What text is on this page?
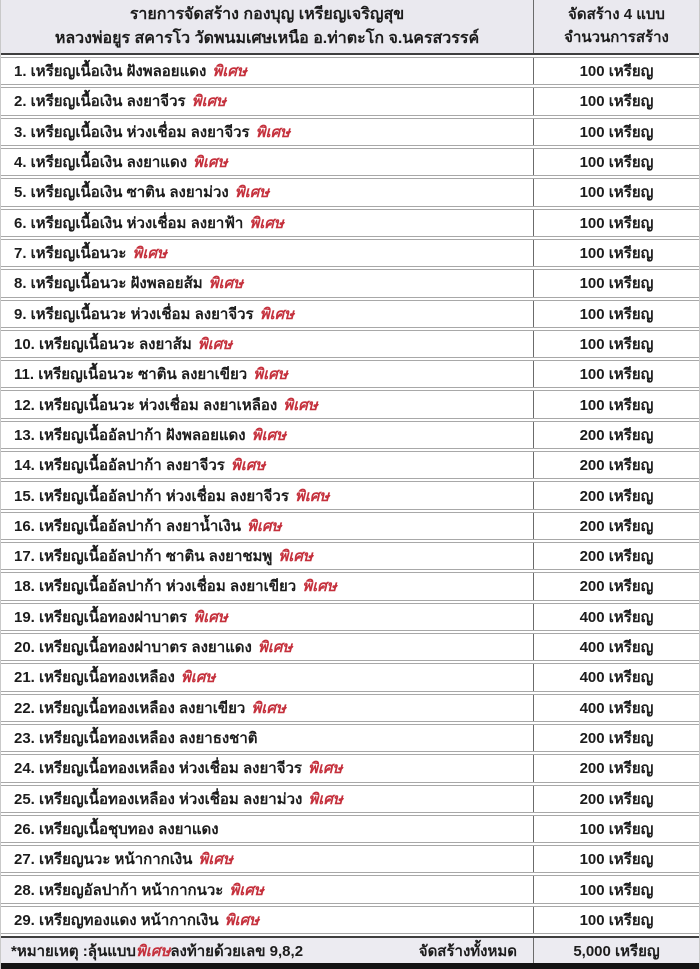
รายการจัดสร้าง กองบุญ เหรียญเจริญสุข
หลวงพ่อยูร สคารโว วัดพนมเศษเหนือ อ.ท่าตะโก จ.นครสวรรค์
จัดสร้าง 4 แบบ
จำนวนการสร้าง
1. เหรียญเนื้อเงิน ฝังพลอยแดง พิเศษ	100 เหรียญ
2. เหรียญเนื้อเงิน ลงยาจีวร พิเศษ	100 เหรียญ
3. เหรียญเนื้อเงิน ห่วงเชื่อม ลงยาจีวร พิเศษ	100 เหรียญ
4. เหรียญเนื้อเงิน ลงยาแดง พิเศษ	100 เหรียญ
5. เหรียญเนื้อเงิน ซาติน ลงยาม่วง พิเศษ	100 เหรียญ
6. เหรียญเนื้อเงิน ห่วงเชื่อม ลงยาฟ้า พิเศษ	100 เหรียญ
7. เหรียญเนื้อนวะ พิเศษ	100 เหรียญ
8. เหรียญเนื้อนวะ ฝังพลอยส้ม พิเศษ	100 เหรียญ
9. เหรียญเนื้อนวะ ห่วงเชื่อม ลงยาจีวร พิเศษ	100 เหรียญ
10. เหรียญเนื้อนวะ ลงยาส้ม พิเศษ	100 เหรียญ
11. เหรียญเนื้อนวะ ซาติน ลงยาเขียว พิเศษ	100 เหรียญ
12. เหรียญเนื้อนวะ ห่วงเชื่อม ลงยาเหลือง พิเศษ	100 เหรียญ
13. เหรียญเนื้ออัลปาก้า ฝังพลอยแดง พิเศษ	200 เหรียญ
14. เหรียญเนื้ออัลปาก้า ลงยาจีวร พิเศษ	200 เหรียญ
15. เหรียญเนื้ออัลปาก้า ห่วงเชื่อม ลงยาจีวร พิเศษ	200 เหรียญ
16. เหรียญเนื้ออัลปาก้า ลงยาน้ำเงิน พิเศษ	200 เหรียญ
17. เหรียญเนื้ออัลปาก้า ซาติน ลงยาชมพู พิเศษ	200 เหรียญ
18. เหรียญเนื้ออัลปาก้า ห่วงเชื่อม ลงยาเขียว พิเศษ	200 เหรียญ
19. เหรียญเนื้อทองฝาบาตร พิเศษ	400 เหรียญ
20. เหรียญเนื้อทองฝาบาตร ลงยาแดง พิเศษ	400 เหรียญ
21. เหรียญเนื้อทองเหลือง พิเศษ	400 เหรียญ
22. เหรียญเนื้อทองเหลือง ลงยาเขียว พิเศษ	400 เหรียญ
23. เหรียญเนื้อทองเหลือง ลงยาธงชาติ	200 เหรียญ
24. เหรียญเนื้อทองเหลือง ห่วงเชื่อม ลงยาจีวร พิเศษ	200 เหรียญ
25. เหรียญเนื้อทองเหลือง ห่วงเชื่อม ลงยาม่วง พิเศษ	200 เหรียญ
26. เหรียญเนื้อชุบทอง ลงยาแดง	100 เหรียญ
27. เหรียญนวะ หน้ากากเงิน พิเศษ	100 เหรียญ
28. เหรียญอัลปาก้า หน้ากากนวะ พิเศษ	100 เหรียญ
29. เหรียญทองแดง หน้ากากเงิน พิเศษ	100 เหรียญ
*หมายเหตุ : ลุ้นแบบ พิเศษ ลงท้ายด้วยเลข 9,8,2	จัดสร้างทั้งหมด	5,000 เหรียญ
